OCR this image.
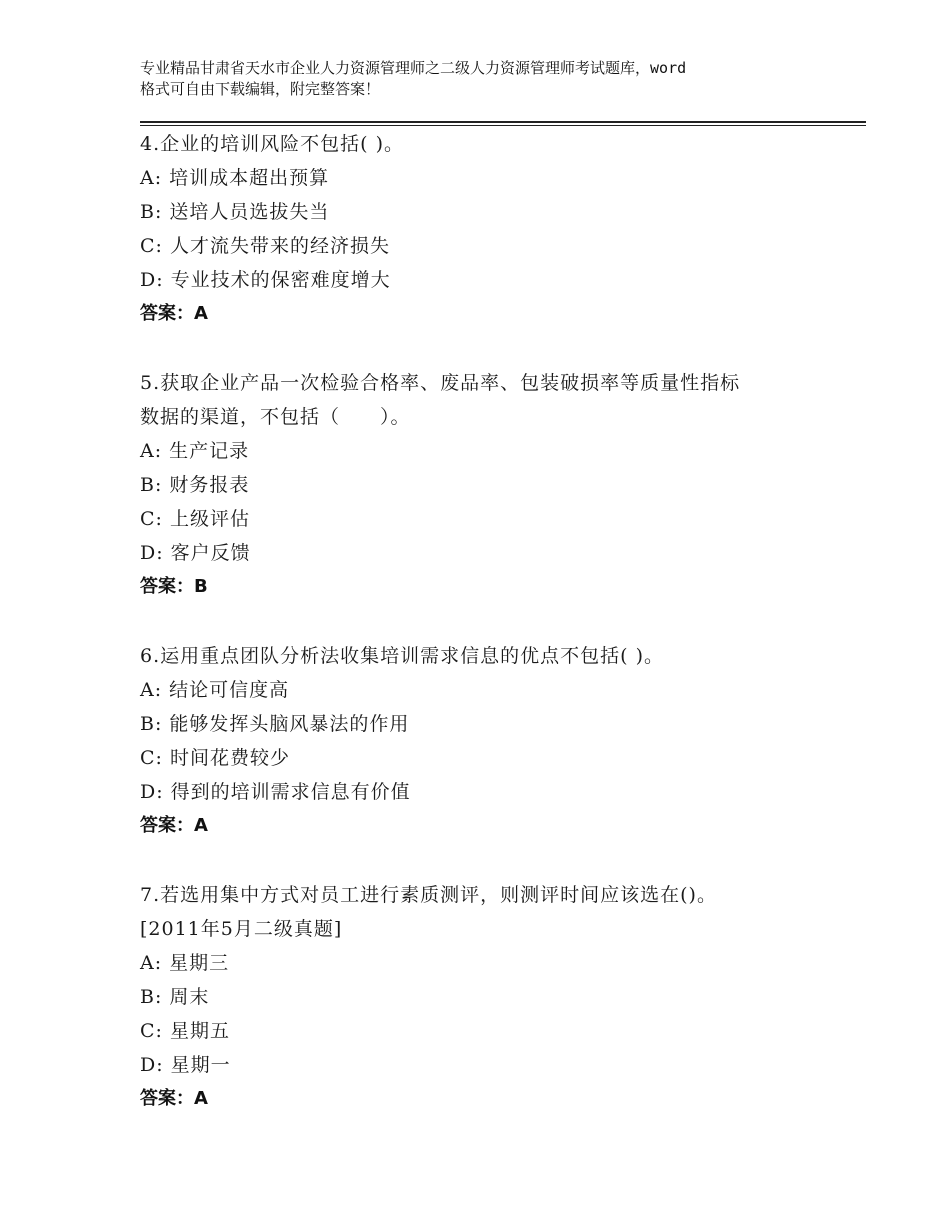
专业精品甘肃省天水市企业人力资源管理师之二级人力资源管理师考试题库，word
格式可自由下载编辑，附完整答案！
4.企业的培训风险不包括( )。
A: 培训成本超出预算
B: 送培人员选拔失当
C: 人才流失带来的经济损失
D: 专业技术的保密难度增大
答案：A
5.获取企业产品一次检验合格率、废品率、包装破损率等质量性指标
数据的渠道，不包括（　　）。
A: 生产记录
B: 财务报表
C: 上级评估
D: 客户反馈
答案：B
6.运用重点团队分析法收集培训需求信息的优点不包括( )。
A: 结论可信度高
B: 能够发挥头脑风暴法的作用
C: 时间花费较少
D: 得到的培训需求信息有价值
答案：A
7.若选用集中方式对员工进行素质测评，则测评时间应该选在()。
[2011年5月二级真题]
A: 星期三
B: 周末
C: 星期五
D: 星期一
答案：A
